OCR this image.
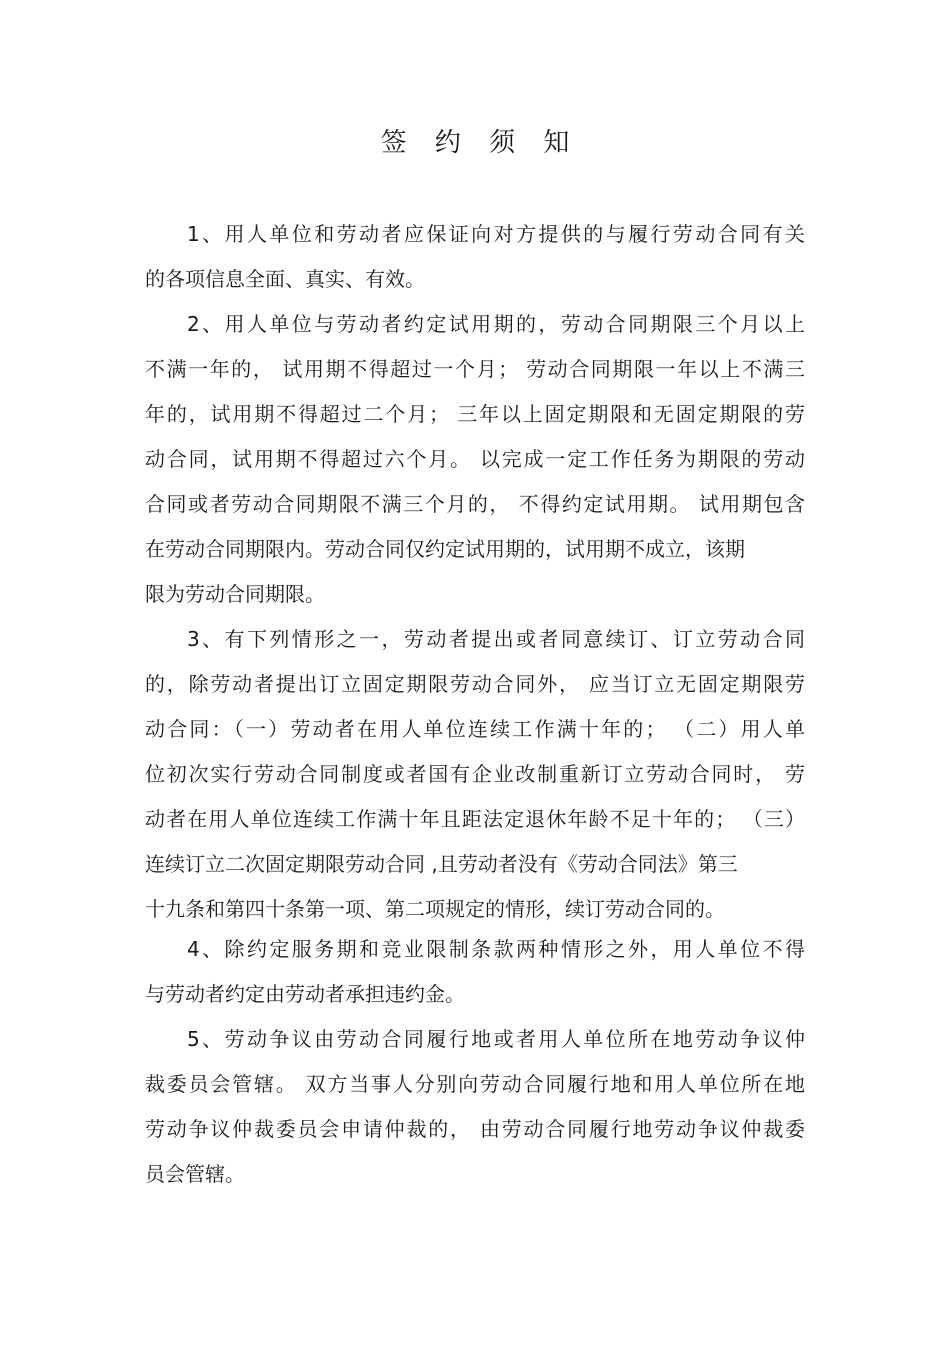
签 约 须 知
1、用人单位和劳动者应保证向对方提供的与履行劳动合同有关
的各项信息全面、真实、有效。
2、用人单位与劳动者约定试用期的，劳动合同期限三个月以上
不满一年的， 试用期不得超过一个月； 劳动合同期限一年以上不满三
年的，试用期不得超过二个月； 三年以上固定期限和无固定期限的劳
动合同，试用期不得超过六个月。 以完成一定工作任务为期限的劳动
合同或者劳动合同期限不满三个月的， 不得约定试用期。 试用期包含
在劳动合同期限内。劳动合同仅约定试用期的，试用期不成立，该期
限为劳动合同期限。
3、有下列情形之一，劳动者提出或者同意续订、订立劳动合同
的，除劳动者提出订立固定期限劳动合同外， 应当订立无固定期限劳
动合同：（一）劳动者在用人单位连续工作满十年的； （二）用人单
位初次实行劳动合同制度或者国有企业改制重新订立劳动合同时， 劳
动者在用人单位连续工作满十年且距法定退休年龄不足十年的； （三）
连续订立二次固定期限劳动合同 ,且劳动者没有《劳动合同法》第三
十九条和第四十条第一项、第二项规定的情形，续订劳动合同的。
4、除约定服务期和竞业限制条款两种情形之外，用人单位不得
与劳动者约定由劳动者承担违约金。
5、劳动争议由劳动合同履行地或者用人单位所在地劳动争议仲
裁委员会管辖。 双方当事人分别向劳动合同履行地和用人单位所在地
劳动争议仲裁委员会申请仲裁的， 由劳动合同履行地劳动争议仲裁委
员会管辖。
